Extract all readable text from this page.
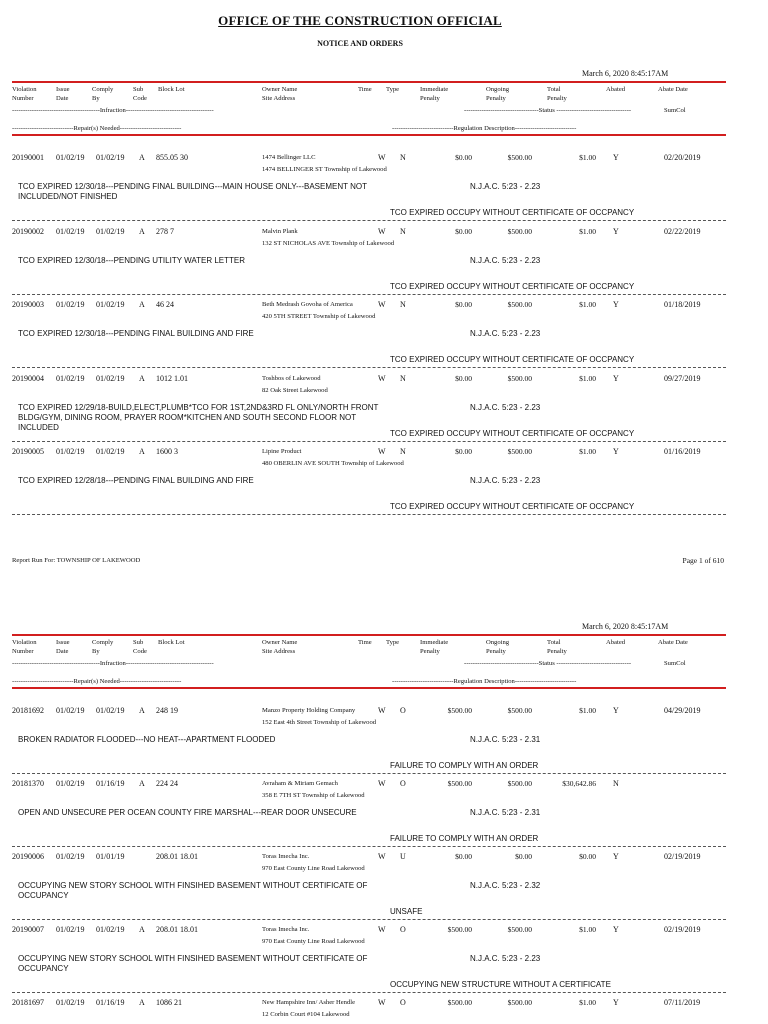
OFFICE OF THE CONSTRUCTION OFFICIAL
NOTICE AND ORDERS
March 6, 2020 8:45:17AM
Violation
Number
Issue
Date
Comply
By
Sub
Code
Block Lot	Owner Name
Site Address
Time Type	Immediate
Penalty
Ongoing
Penalty
Total
Penalty
Abated	Abate Date
----------------------------------------Infraction----------------------------------------	----------------------------------Status ----------------------------------	SumCol
----------------------------Repair(s) Needed----------------------------	----------------------------Regulation Description----------------------------
20190001 01/02/19 01/02/19 A 855.05 30	1474 Bellinger LLC	W N	$0.00	$500.00	$1.00 Y	02/20/2019
1474 BELLINGER ST Township of Lakewood
TCO EXPIRED 12/30/18---PENDING FINAL BUILDING---MAIN HOUSE ONLY---BASEMENT NOT INCLUDED/NOT FINISHED
N.J.A.C. 5:23 - 2.23
TCO EXPIRED OCCUPY WITHOUT CERTIFICATE OF OCCPANCY
20190002 01/02/19 01/02/19 A 278 7	Malvin Plank	W N	$0.00	$500.00	$1.00 Y	02/22/2019
132 ST NICHOLAS AVE Township of Lakewood
TCO EXPIRED 12/30/18---PENDING UTILITY WATER LETTER	N.J.A.C. 5:23 - 2.23
TCO EXPIRED OCCUPY WITHOUT CERTIFICATE OF OCCPANCY
20190003 01/02/19 01/02/19 A 46 24	Beth Medrash Govoha of America	W N	$0.00	$500.00	$1.00 Y	01/18/2019
420 5TH STREET Township of Lakewood
TCO EXPIRED 12/30/18---PENDING FINAL BUILDING AND FIRE	N.J.A.C. 5:23 - 2.23
TCO EXPIRED OCCUPY WITHOUT CERTIFICATE OF OCCPANCY
20190004 01/02/19 01/02/19 A 1012 1.01	Toshbos of Lakewood	W N	$0.00	$500.00	$1.00 Y	09/27/2019
82 Oak Street Lakewood
TCO EXPIRED 12/29/18-BUILD,ELECT,PLUMB*TCO FOR 1ST,2ND&3RD FL ONLY/NORTH FRONT BLDG/GYM, DINING ROOM, PRAYER ROOM*KITCHEN AND SOUTH SECOND FLOOR NOT INCLUDED
N.J.A.C. 5:23 - 2.23
TCO EXPIRED OCCUPY WITHOUT CERTIFICATE OF OCCPANCY
20190005 01/02/19 01/02/19 A 1600 3	Lipine Product	W N	$0.00	$500.00	$1.00 Y	01/16/2019
480 OBERLIN AVE SOUTH Township of Lakewood
TCO EXPIRED 12/28/18---PENDING FINAL BUILDING AND FIRE	N.J.A.C. 5:23 - 2.23
TCO EXPIRED OCCUPY WITHOUT CERTIFICATE OF OCCPANCY
Report Run For: TOWNSHIP OF LAKEWOOD	Page 1 of 610
March 6, 2020 8:45:17AM
Violation
Number
Issue
Date
Comply
By
Sub
Code
Block Lot	Owner Name
Site Address
Time Type	Immediate
Penalty
Ongoing
Penalty
Total
Penalty
Abated	Abate Date
----------------------------------------Infraction----------------------------------------	----------------------------------Status ----------------------------------	SumCol
----------------------------Repair(s) Needed----------------------------	----------------------------Regulation Description----------------------------
20181692 01/02/19 01/02/19 A 248 19	Manzo Property Holding Company	W O	$500.00	$500.00	$1.00 Y	04/29/2019
152 East 4th Street Township of Lakewood
BROKEN RADIATOR FLOODED---NO HEAT---APARTMENT FLOODED	N.J.A.C. 5:23 - 2.31
FAILURE TO COMPLY WITH AN ORDER
20181370 01/02/19 01/16/19 A 224 24	Avraham & Miriam Gemach	W O	$500.00	$500.00	$30,642.86 N
358 E 7TH ST Township of Lakewood
OPEN AND UNSECURE PER OCEAN COUNTY FIRE MARSHAL---REAR DOOR UNSECURE	N.J.A.C. 5:23 - 2.31
FAILURE TO COMPLY WITH AN ORDER
20190006 01/02/19 01/01/19	208.01 18.01	Toras Imecha Inc.	W U	$0.00	$0.00	$0.00 Y	02/19/2019
970 East County Line Road Lakewood
OCCUPYING NEW STORY SCHOOL WITH FINSIHED BASEMENT WITHOUT CERTIFICATE OF OCCUPANCY
N.J.A.C. 5:23 - 2.32
UNSAFE
20190007 01/02/19 01/02/19 A 208.01 18.01	Toras Imecha Inc.	W O	$500.00	$500.00	$1.00 Y	02/19/2019
970 East County Line Road Lakewood
OCCUPYING NEW STORY SCHOOL WITH FINSIHED BASEMENT WITHOUT CERTIFICATE OF OCCUPANCY
N.J.A.C. 5:23 - 2.23
OCCUPYING NEW STRUCTURE WITHOUT A CERTIFICATE
20181697 01/02/19 01/16/19 A 1086 21	New Hampshire Inn/ Asher Hendle	W O	$500.00	$500.00	$1.00 Y	07/11/2019
12 Corbin Court #104 Lakewood
